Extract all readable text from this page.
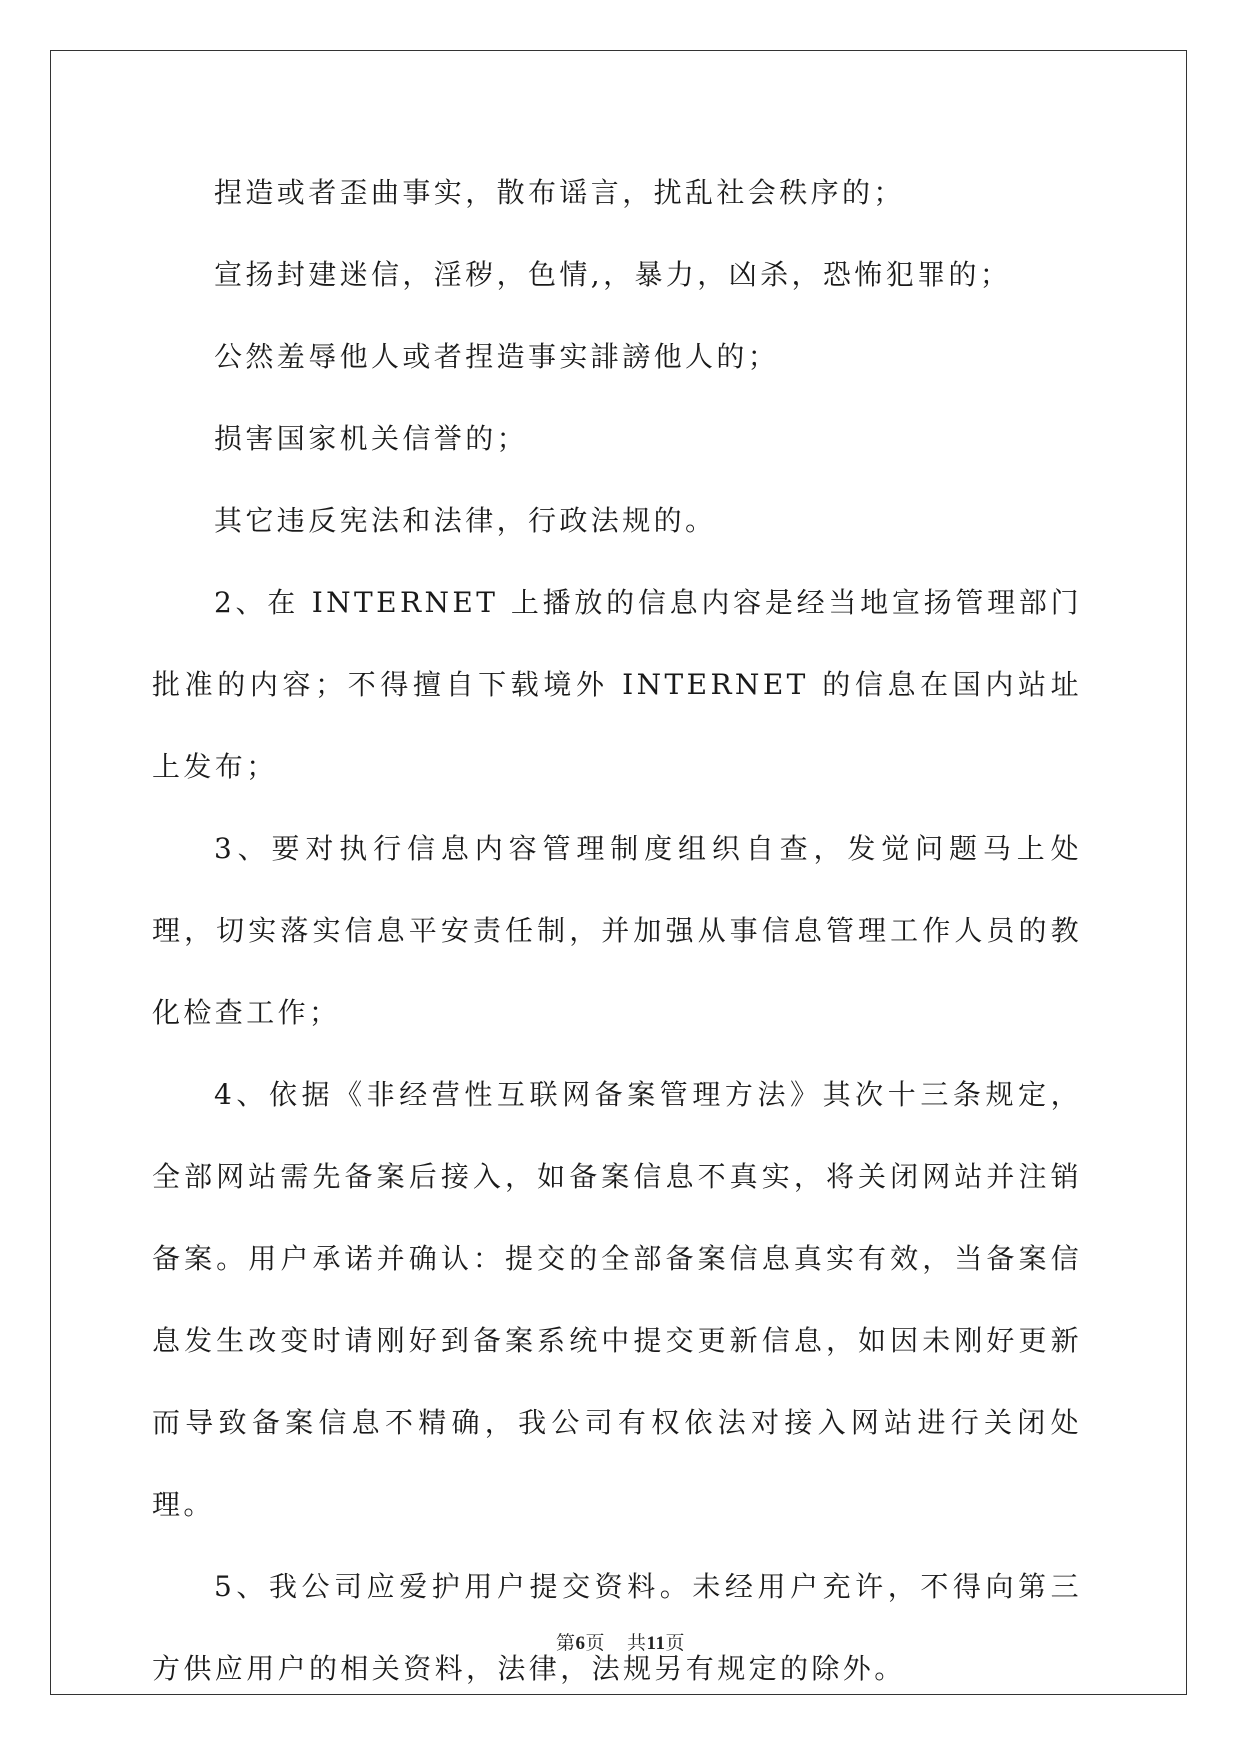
捏造或者歪曲事实，散布谣言，扰乱社会秩序的；

宣扬封建迷信，淫秽，色情,，暴力，凶杀，恐怖犯罪的；

公然羞辱他人或者捏造事实誹謗他人的；

损害国家机关信誉的；

其它违反宪法和法律，行政法规的。

2、在 INTERNET 上播放的信息内容是经当地宣扬管理部门批准的内容；不得擅自下载境外 INTERNET 的信息在国内站址上发布；

3、要对执行信息内容管理制度组织自查，发觉问题马上处理，切实落实信息平安责任制，并加强从事信息管理工作人员的教化检查工作；

4、依据《非经营性互联网备案管理方法》其次十三条规定，全部网站需先备案后接入，如备案信息不真实，将关闭网站并注销备案。用户承诺并确认：提交的全部备案信息真实有效，当备案信息发生改变时请刚好到备案系统中提交更新信息，如因未刚好更新而导致备案信息不精确，我公司有权依法对接入网站进行关闭处理。

5、我公司应爱护用户提交资料。未经用户充许，不得向第三方供应用户的相关资料，法律，法规另有规定的除外。

第6页 共11页
